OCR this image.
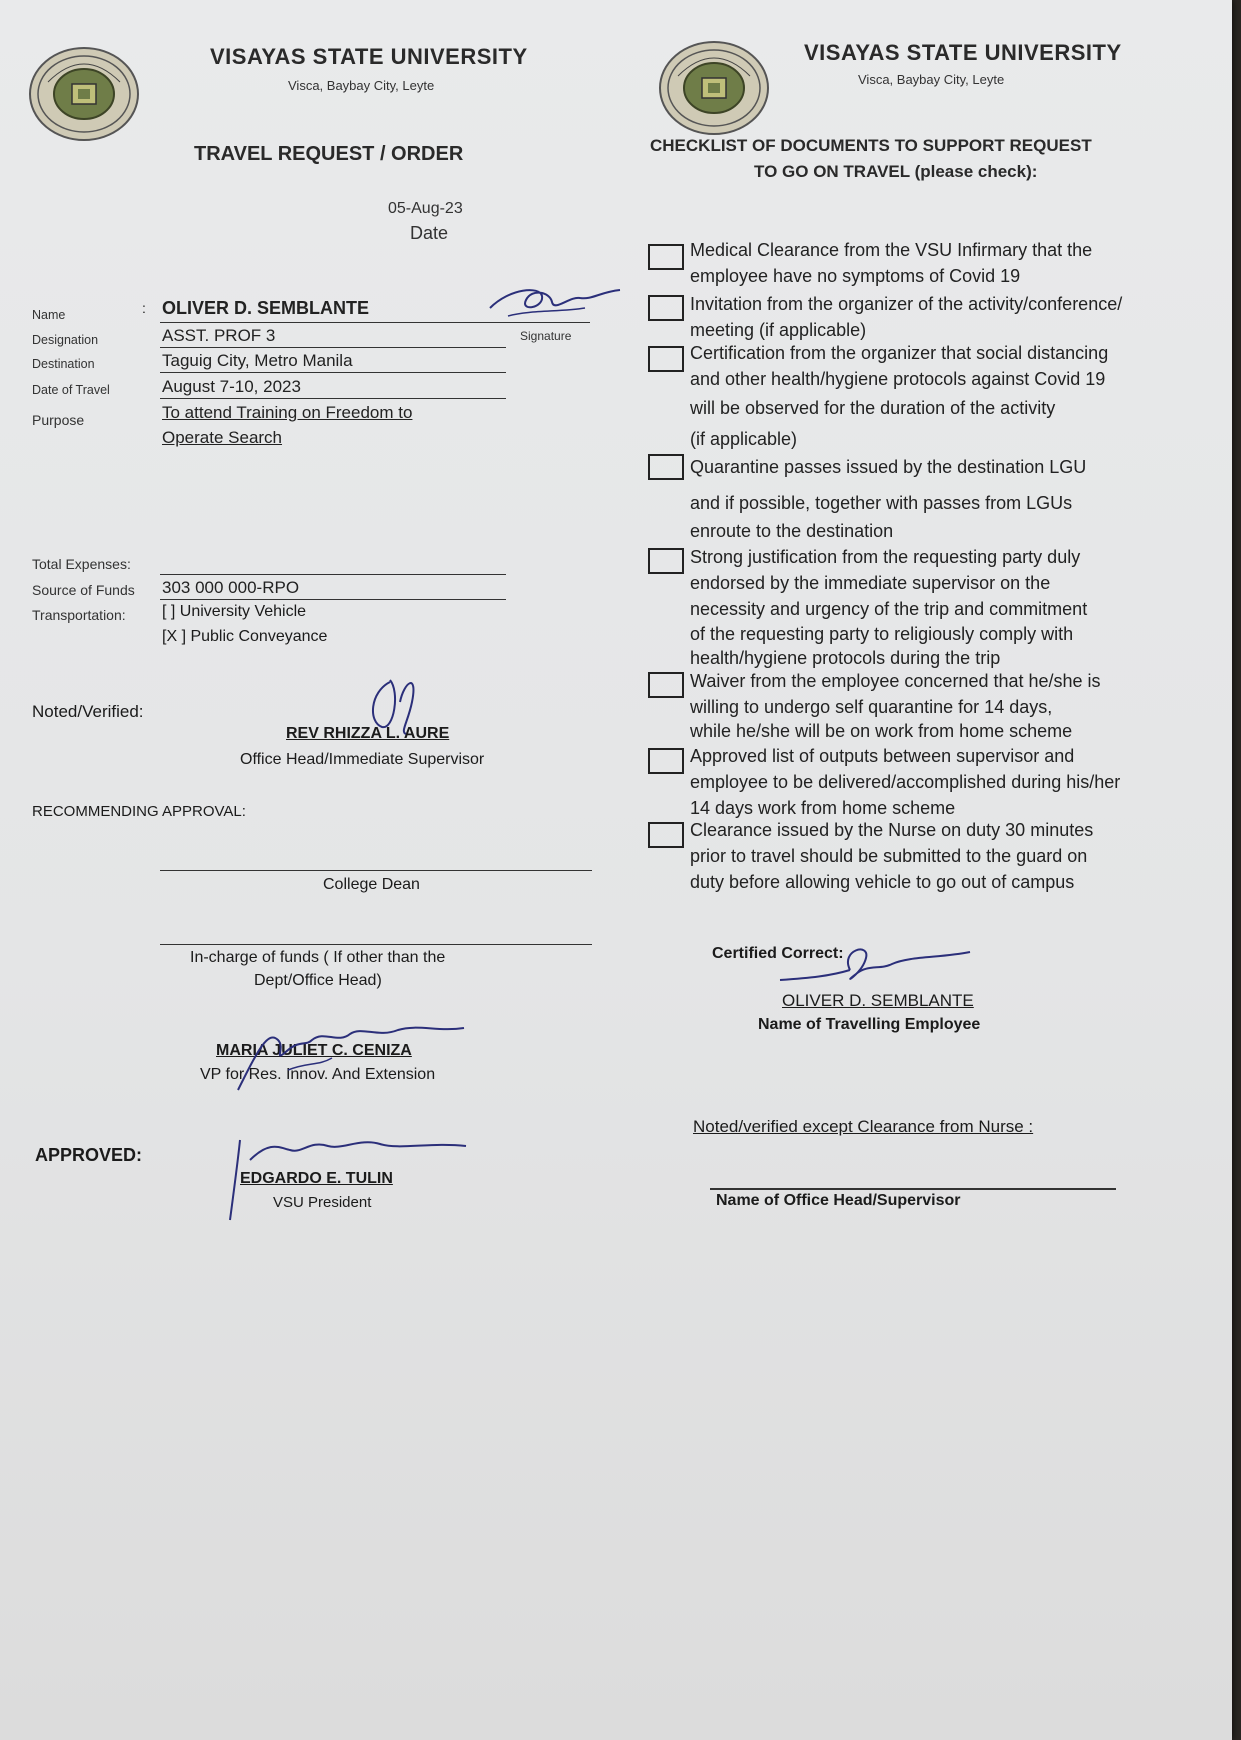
VISAYAS STATE UNIVERSITY
Visca, Baybay City, Leyte
TRAVEL REQUEST / ORDER
05-Aug-23
Date
Name	: OLIVER D. SEMBLANTE
Signature
Designation	ASST. PROF 3
Destination	Taguig City, Metro Manila
Date of Travel	August 7-10, 2023
Purpose	To attend Training on Freedom to
Operate Search
Total Expenses:
Source of Funds 303 000 000-RPO
Transportation: [ ] University Vehicle
[X ] Public Conveyance
Noted/Verified:
REV RHIZZA L. AURE
Office Head/Immediate Supervisor
RECOMMENDING APPROVAL:
College Dean
In-charge of funds ( If other than the
Dept/Office Head)
MARIA JULIET C. CENIZA
VP for Res. Innov. And Extension
APPROVED:
EDGARDO E. TULIN
VSU President
VISAYAS STATE UNIVERSITY
Visca, Baybay City, Leyte
CHECKLIST OF DOCUMENTS TO SUPPORT REQUEST
TO GO ON TRAVEL (please check):
Medical Clearance from the VSU Infirmary that the
employee have no symptoms of Covid 19
Invitation from the organizer of the activity/conference/
meeting (if applicable)
Certification from the organizer that social distancing
and other health/hygiene protocols against Covid 19
will be observed for the duration of the activity
(if applicable)
Quarantine passes issued by the destination LGU
and if possible, together with passes from LGUs
enroute to the destination
Strong justification from the requesting party duly
endorsed by the immediate supervisor on the
necessity and urgency of the trip and commitment
of the requesting party to religiously comply with
health/hygiene protocols during the trip
Waiver from the employee concerned that he/she is
willing to undergo self quarantine for 14 days,
while he/she will be on work from home scheme
Approved list of outputs between supervisor and
employee to be delivered/accomplished during his/her
14 days work from home scheme
Clearance issued by the Nurse on duty 30 minutes
prior to travel should be submitted to the guard on
duty before allowing vehicle to go out of campus
Certified Correct:
OLIVER D. SEMBLANTE
Name of Travelling Employee
Noted/verified except Clearance from Nurse :
Name of Office Head/Supervisor
